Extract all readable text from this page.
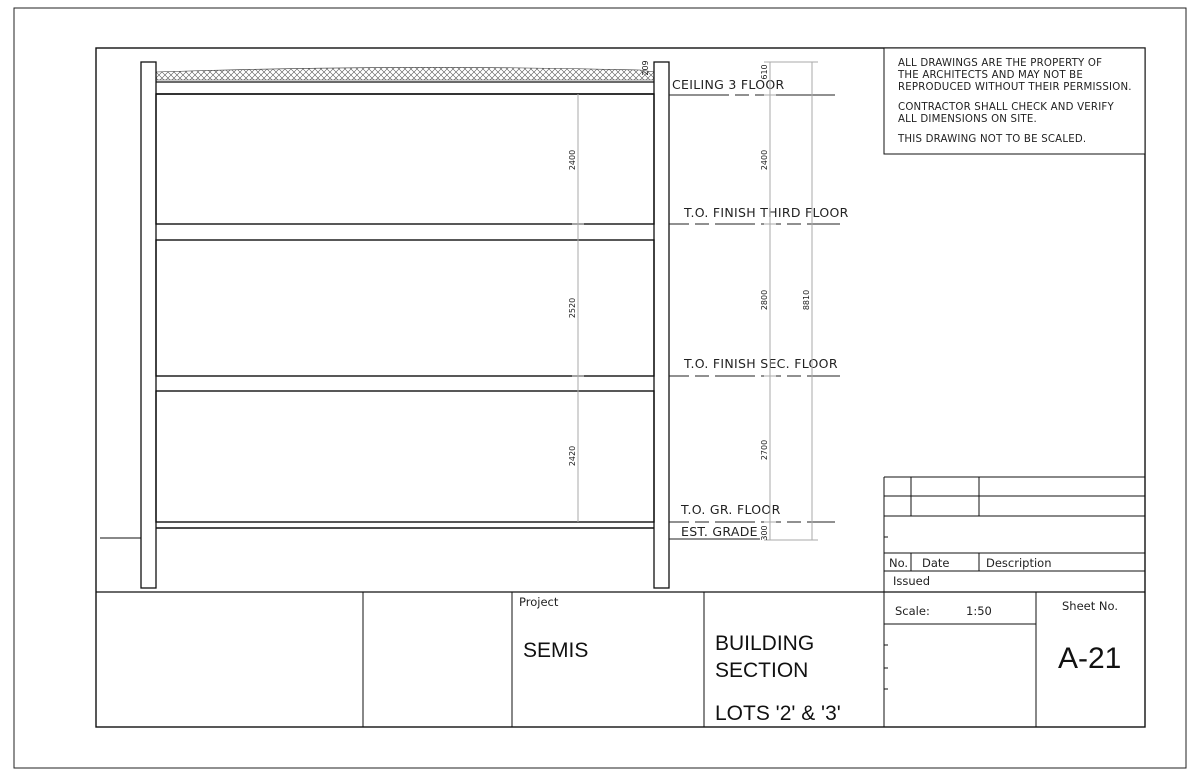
2400
2520
2420
CEILING 3 FLOOR
T.O. FINISH THIRD FLOOR
T.O. FINISH SEC. FLOOR
T.O. GR. FLOOR
EST. GRADE
209	610
2400
2800
2700
300
8810
ALL DRAWINGS ARE THE PROPERTY OF
THE ARCHITECTS AND MAY NOT BE
REPRODUCED WITHOUT THEIR PERMISSION.
CONTRACTOR SHALL CHECK AND VERIFY
ALL DIMENSIONS ON SITE.
THIS DRAWING NOT TO BE SCALED.
No. Date	Description
Issued
Project
SEMIS	BUILDING
SECTION
LOTS '2' & '3'
Scale:	1:50	Sheet No.
A-21
